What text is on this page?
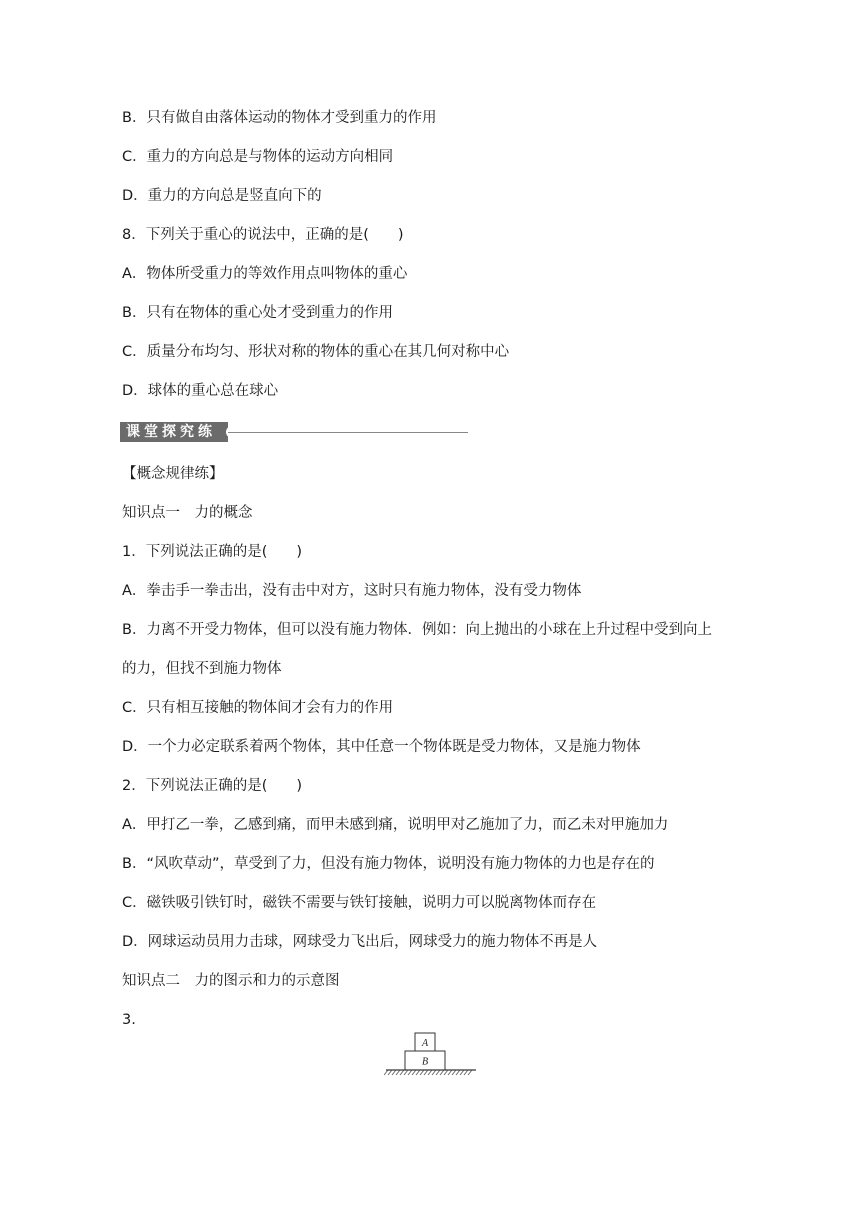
B．只有做自由落体运动的物体才受到重力的作用
C．重力的方向总是与物体的运动方向相同
D．重力的方向总是竖直向下的
8．下列关于重心的说法中，正确的是(　　)
A．物体所受重力的等效作用点叫物体的重心
B．只有在物体的重心处才受到重力的作用
C．质量分布均匀、形状对称的物体的重心在其几何对称中心
D．球体的重心总在球心
课堂探究练
【概念规律练】
知识点一　力的概念
1．下列说法正确的是(　　)
A．拳击手一拳击出，没有击中对方，这时只有施力物体，没有受力物体
B．力离不开受力物体，但可以没有施力物体．例如：向上抛出的小球在上升过程中受到向上
的力，但找不到施力物体
C．只有相互接触的物体间才会有力的作用
D．一个力必定联系着两个物体，其中任意一个物体既是受力物体，又是施力物体
2．下列说法正确的是(　　)
A．甲打乙一拳，乙感到痛，而甲未感到痛，说明甲对乙施加了力，而乙未对甲施加力
B．“风吹草动”，草受到了力，但没有施力物体，说明没有施力物体的力也是存在的
C．磁铁吸引铁钉时，磁铁不需要与铁钉接触，说明力可以脱离物体而存在
D．网球运动员用力击球，网球受力飞出后，网球受力的施力物体不再是人
知识点二　力的图示和力的示意图
3.
A
B
